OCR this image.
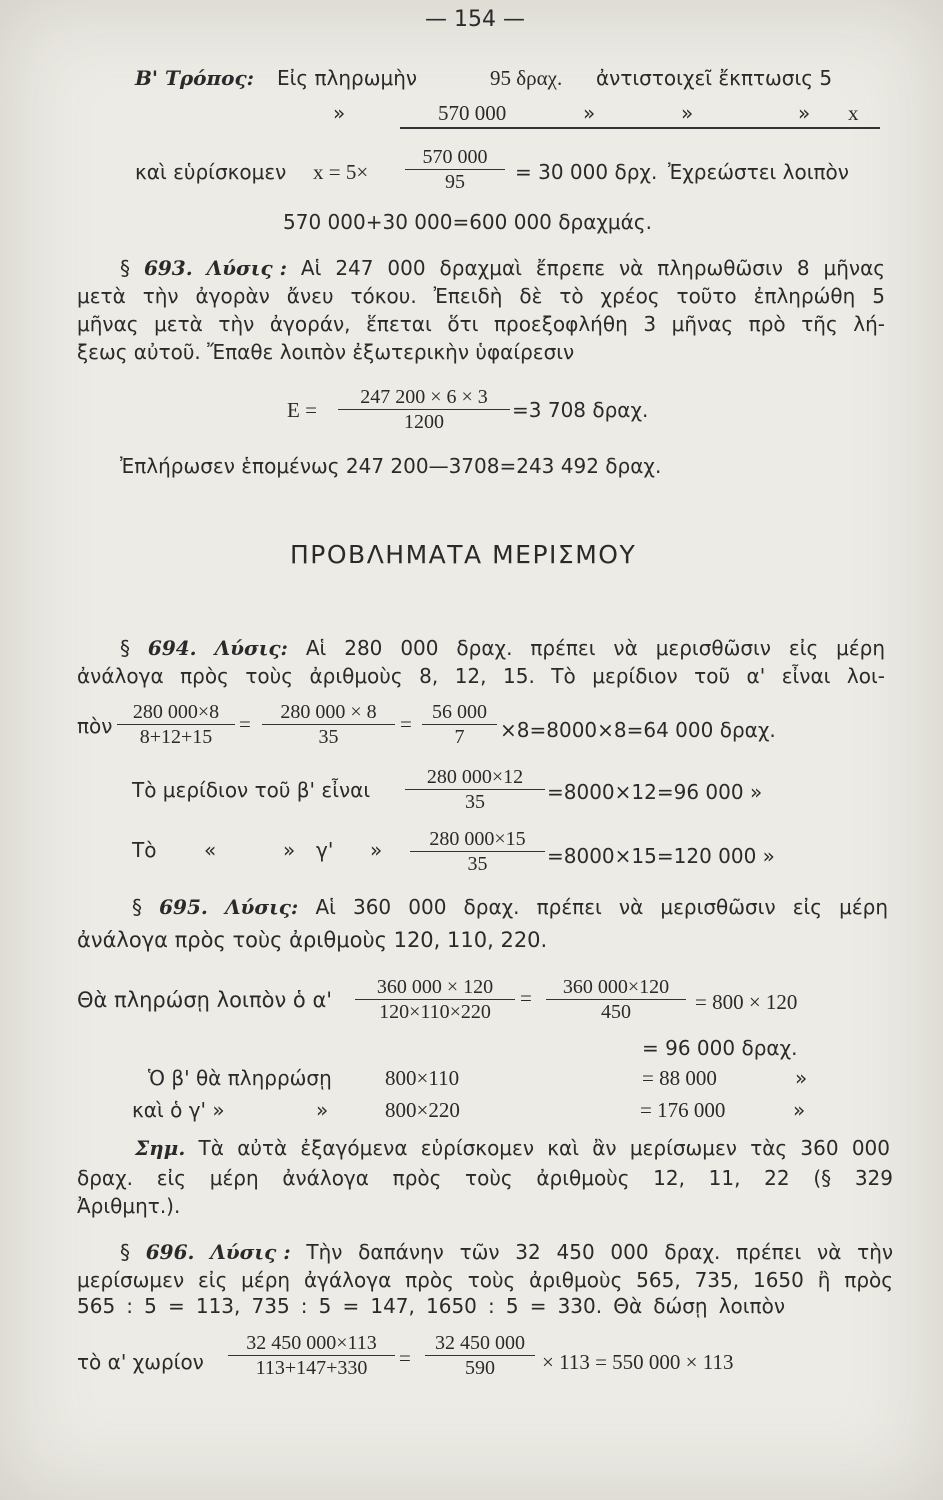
— 154 —
Β' Τρόπος: Εἰς πληρωμὴν	95 δραχ. ἀντιστοιχεῖ ἔκπτωσις 5
»	570 000	»	»	» x
καὶ εὑρίσκομεν $x = 5\times \frac{570 000}{95} = 30$ 000 δρχ. Ἐχρεώστει λοιπὸν
570 000+30 000=600 000 δραχμάς.
§ 693. Λύσις : Αἱ 247 000 δραχμαὶ ἔπρεπε νὰ πληρωθῶσιν 8 μῆνας
μετὰ τὴν ἀγορὰν ἄνευ τόκου. Ἐπειδὴ δὲ τὸ χρέος τοῦτο ἐπληρώθη 5
μῆνας μετὰ τὴν ἀγοράν, ἕπεται ὅτι προεξοφλήθη 3 μῆνας πρὸ τῆς λή-
ξεως αὐτοῦ. Ἔπαθε λοιπὸν ἐξωτερικὴν ὑφαίρεσιν
$E = \frac{247 200 \times 6 \times 3}{1200} =3$ 708 δραχ.
Ἐπλήρωσεν ἑπομένως 247 200—3708=243 492 δραχ.
ΠΡΟΒΛΗΜΑΤΑ ΜΕΡΙΣΜΟΥ
§ 694. Λύσις: Αἱ 280 000 δραχ. πρέπει νὰ μερισθῶσιν εἰς μέρη
ἀνάλογα πρὸς τοὺς ἀριθμοὺς 8, 12, 15. Τὸ μερίδιον τοῦ α' εἶναι λοι-
πὸν $\frac{280 000\times 8}{8+12+15} = \frac{280 000 \times 8}{35} = \frac{56 000}{7} \times 8=8000\times 8=64$ 000 δραχ.
Τὸ μερίδιον τοῦ β' εἶναι $\frac{280 000\times 12}{35} =8000\times 12=96$ 000 »
Τὸ «	» γ' » $\frac{280 000\times 15}{35} =8000\times 15=120$ 000 »
§ 695. Λύσις: Αἱ 360 000 δραχ. πρέπει νὰ μερισθῶσιν εἰς μέρη
ἀνάλογα πρὸς τοὺς ἀριθμοὺς 120, 110, 220.
Θὰ πληρώσῃ λοιπὸν ὁ $\alpha' \frac{360 000 \times 120}{120\times 110\times 220} = \frac{360 000\times 120}{450} = 800 \times 120$
= 96 000 δραχ.
Ὁ β' θὰ πληρρώσῃ	800×110	= 88 000	»
καὶ ὁ γ' »	»	800×220	= 176 000	»
Σημ. Τὰ αὐτὰ ἐξαγόμενα εὑρίσκομεν καὶ ἂν μερίσωμεν τὰς 360 000
δραχ. εἰς μέρη ἀνάλογα πρὸς τοὺς ἀριθμοὺς 12, 11, 22 (§ 329
Ἀριθμητ.).
§ 696. Λύσις : Τὴν δαπάνην τῶν 32 450 000 δραχ. πρέπει νὰ τὴν
μερίσωμεν εἰς μέρη ἀγάλογα πρὸς τοὺς ἀριθμοὺς 565, 735, 1650 ἢ πρὸς
565 : 5 = 113, 735 : 5 = 147, 1650 : 5 = 330. Θὰ δώσῃ λοιπὸν
τὸ α' χωρίον $\frac{32 450 000\times 113}{113+147+330} = \frac{32 450 000}{590} \times 113 = 550$ 000 × 113
